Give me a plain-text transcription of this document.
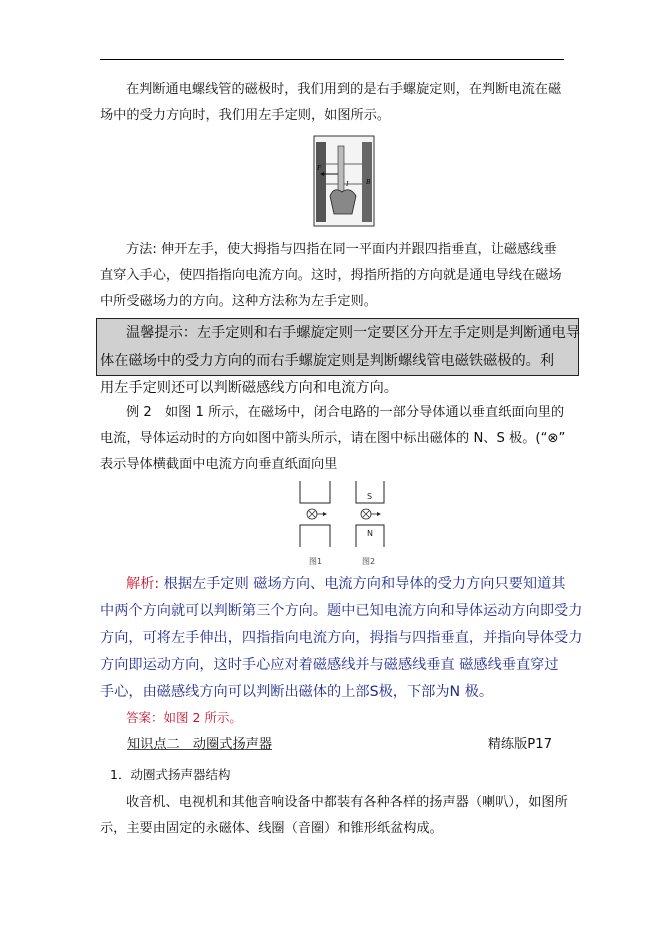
在判断通电螺线管的磁极时，我们用到的是右手螺旋定则，在判断电流在磁

场中的受力方向时，我们用左手定则，如图所示。

F
I	B

方法: 伸开左手，使大拇指与四指在同一平面内并跟四指垂直，让磁感线垂

直穿入手心，使四指指向电流方向。这时，拇指所指的方向就是通电导线在磁场

中所受磁场力的方向。这种方法称为左手定则。

温馨提示：左手定则和右手螺旋定则一定要区分开左手定则是判断通电导
体在磁场中的受力方向的而右手螺旋定则是判断螺线管电磁铁磁极的。利
用左手定则还可以判断磁感线方向和电流方向。

例 2　如图 1 所示，在磁场中，闭合电路的一部分导体通以垂直纸面向里的

电流，导体运动时的方向如图中箭头所示，请在图中标出磁体的 N、S 极。(“⊗”

表示导体横截面中电流方向垂直纸面向里

图1
S
N
图2

解析: 根据左手定则 磁场方向、电流方向和导体的受力方向只要知道其

中两个方向就可以判断第三个方向。题中已知电流方向和导体运动方向即受力

方向，可将左手伸出，四指指向电流方向，拇指与四指垂直，并指向导体受力

方向即运动方向，这时手心应对着磁感线并与磁感线垂直 磁感线垂直穿过

手心，由磁感线方向可以判断出磁体的上部S极，下部为N 极。

答案：如图 2 所示。

知识点二　动圈式扬声器	精练版P17
1．动圈式扬声器结构

收音机、电视机和其他音响设备中都装有各种各样的扬声器（喇叭），如图所

示，主要由固定的永磁体、线圈（音圈）和锥形纸盆构成。
